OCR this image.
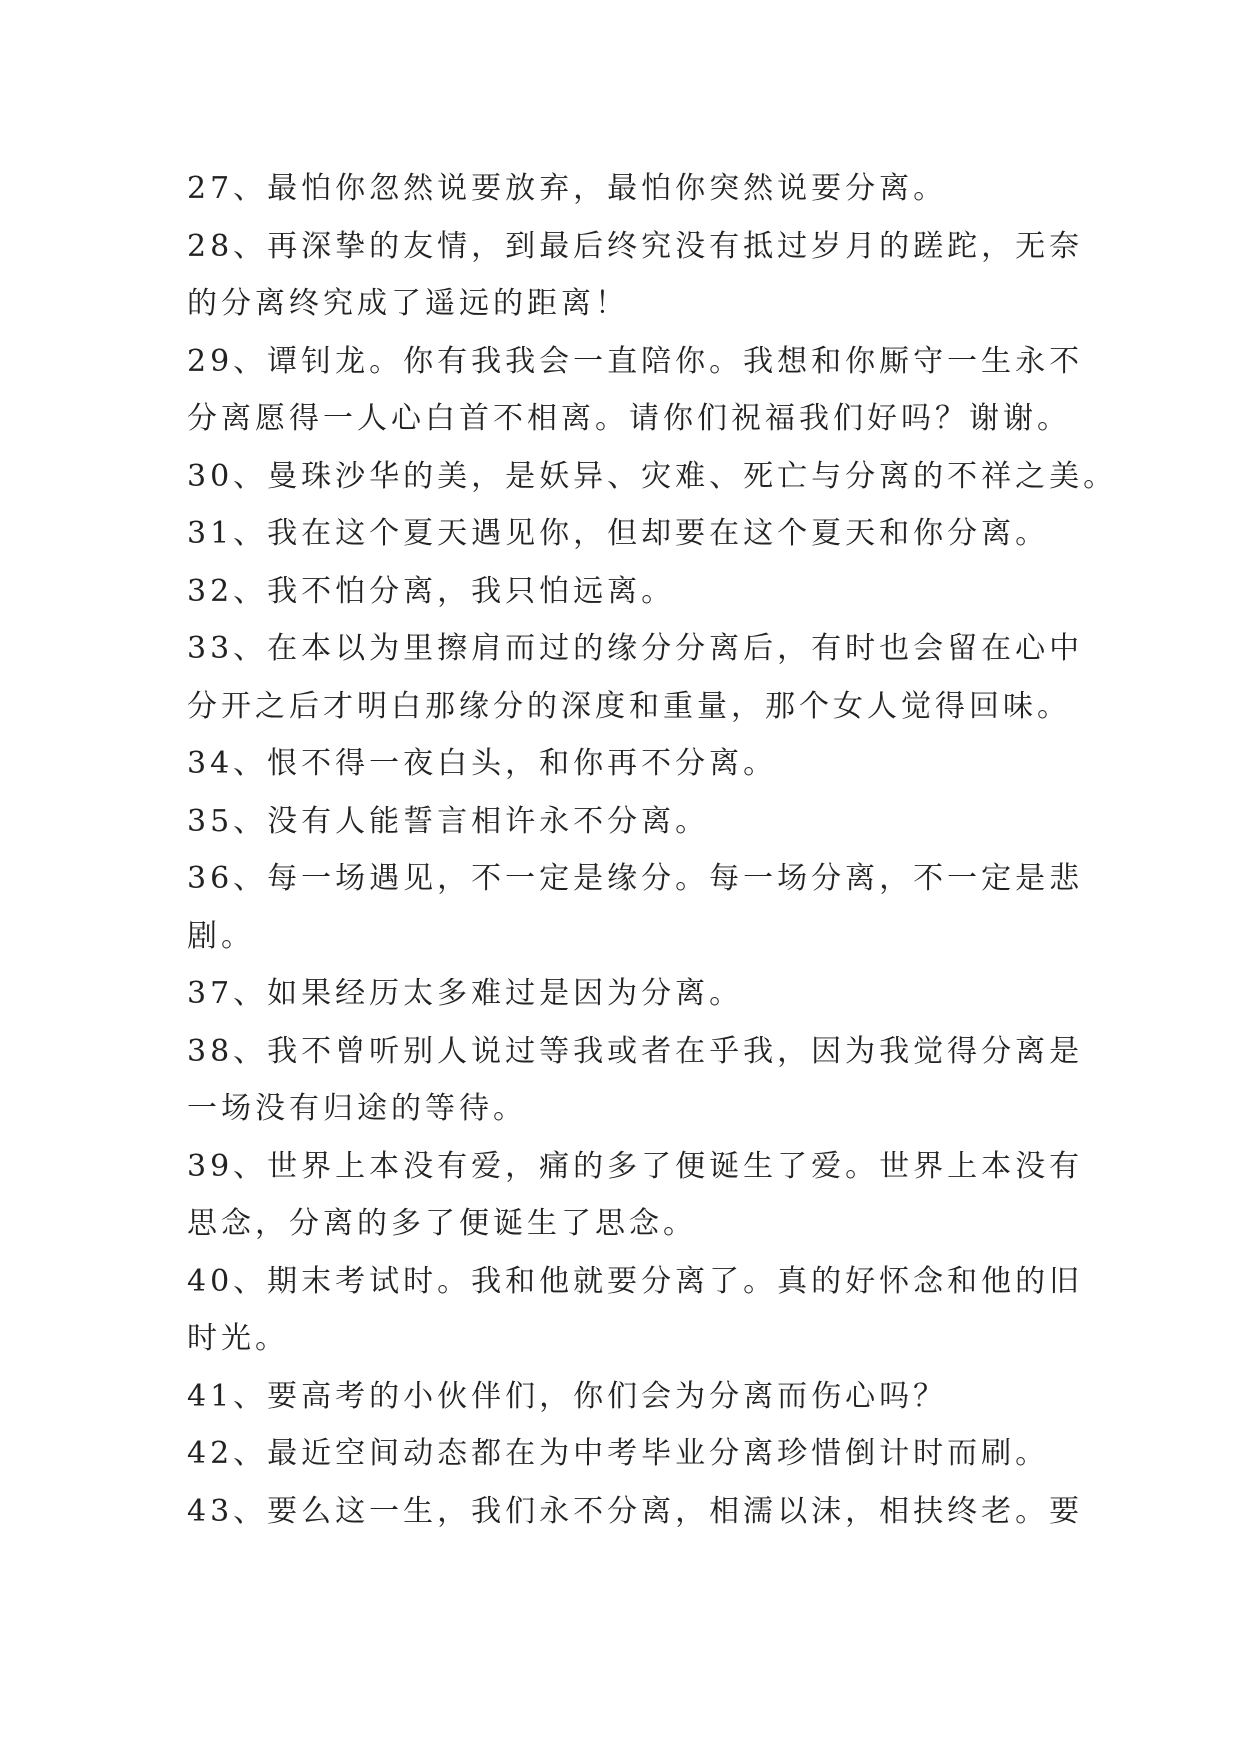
27、最怕你忽然说要放弃，最怕你突然说要分离。
28、再深挚的友情，到最后终究没有抵过岁月的蹉跎，无奈
的分离终究成了遥远的距离！
29、谭钊龙。你有我我会一直陪你。我想和你厮守一生永不
分离愿得一人心白首不相离。请你们祝福我们好吗？谢谢。
30、曼珠沙华的美，是妖异、灾难、死亡与分离的不祥之美。
31、我在这个夏天遇见你，但却要在这个夏天和你分离。
32、我不怕分离，我只怕远离。
33、在本以为里擦肩而过的缘分分离后，有时也会留在心中
分开之后才明白那缘分的深度和重量，那个女人觉得回味。
34、恨不得一夜白头，和你再不分离。
35、没有人能誓言相许永不分离。
36、每一场遇见，不一定是缘分。每一场分离，不一定是悲
剧。
37、如果经历太多难过是因为分离。
38、我不曾听别人说过等我或者在乎我，因为我觉得分离是
一场没有归途的等待。
39、世界上本没有爱，痛的多了便诞生了爱。世界上本没有
思念，分离的多了便诞生了思念。
40、期末考试时。我和他就要分离了。真的好怀念和他的旧
时光。
41、要高考的小伙伴们，你们会为分离而伤心吗？
42、最近空间动态都在为中考毕业分离珍惜倒计时而刷。
43、要么这一生，我们永不分离，相濡以沫，相扶终老。要
